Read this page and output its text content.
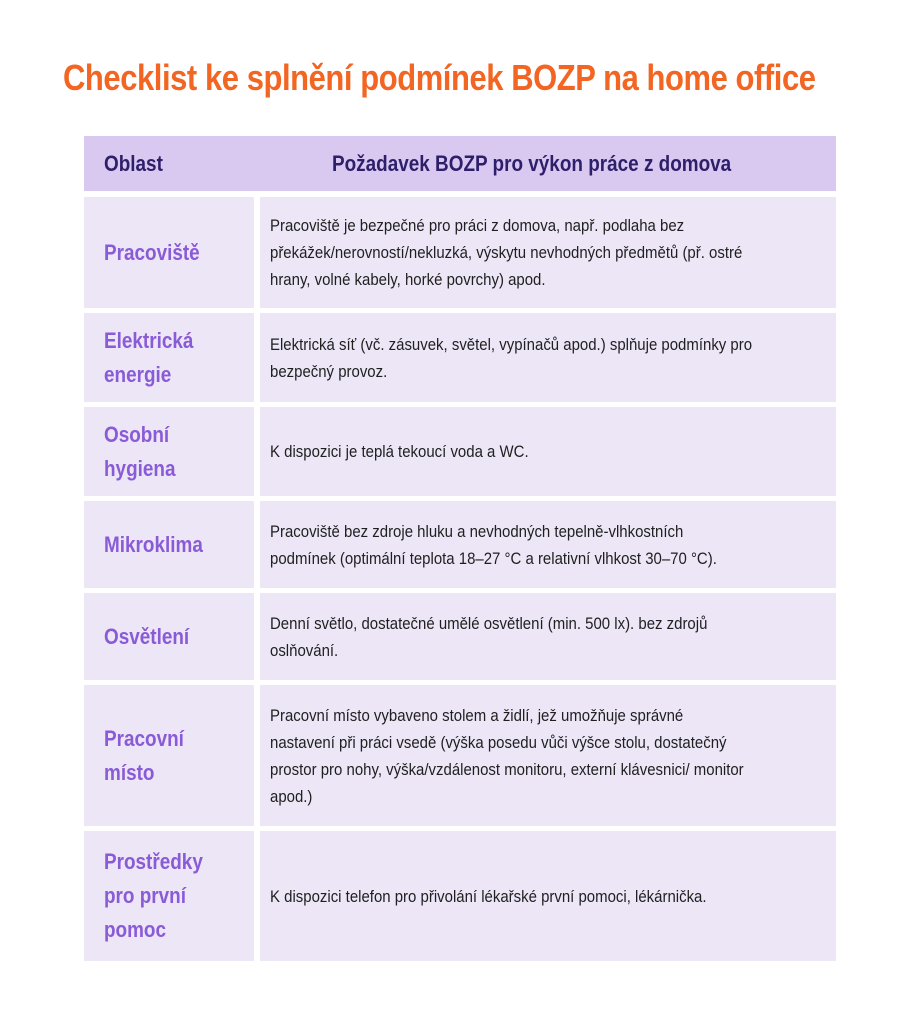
Checklist ke splnění podmínek BOZP na home office
Oblast	Požadavek BOZP pro výkon práce z domova
Pracoviště
Pracoviště je bezpečné pro práci z domova, např. podlaha bez překážek/nerovností/nekluzká, výskytu nevhodných předmětů (př. ostré hrany, volné kabely, horké povrchy) apod.
Elektrická energie
Elektrická síť (vč. zásuvek, světel, vypínačů apod.) splňuje podmínky pro bezpečný provoz.
Osobní hygiena
K dispozici je teplá tekoucí voda a WC.
Mikroklima
Pracoviště bez zdroje hluku a nevhodných tepelně-vlhkostních podmínek (optimální teplota 18–27 °C a relativní vlhkost 30–70 °C).
Osvětlení
Denní světlo, dostatečné umělé osvětlení (min. 500 lx). bez zdrojů oslňování.
Pracovní místo
Pracovní místo vybaveno stolem a židlí, jež umožňuje správné nastavení při práci vsedě (výška posedu vůči výšce stolu, dostatečný prostor pro nohy, výška/vzdálenost monitoru, externí klávesnici/ monitor apod.)
Prostředky pro první pomoc
K dispozici telefon pro přivolání lékařské první pomoci, lékárnička.
